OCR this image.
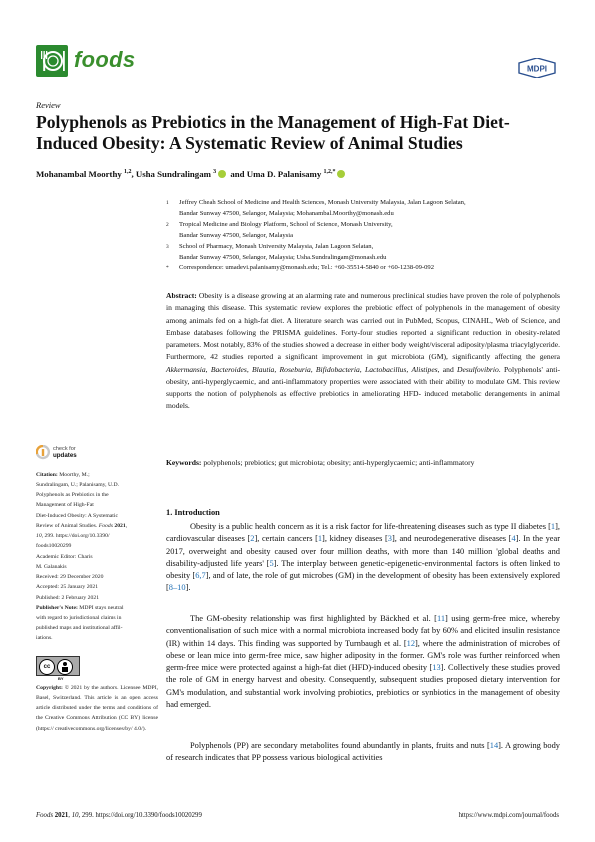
foods	MDPI
Review
Polyphenols as Prebiotics in the Management of High-Fat Diet-Induced Obesity: A Systematic Review of Animal Studies
Mohanambal Moorthy $^{1,2}$, Usha Sundralingam $^3$ and Uma D. Palanisamy $^{1,2,*}$
1 Jeffrey Cheah School of Medicine and Health Sciences, Monash University Malaysia, Jalan Lagoon Selatan,
Bandar Sunway 47500, Selangor, Malaysia; Mohanambal.Moorthy@monash.edu
2 Tropical Medicine and Biology Platform, School of Science, Monash University,
Bandar Sunway 47500, Selangor, Malaysia
3 School of Pharmacy, Monash University Malaysia, Jalan Lagoon Selatan,
Bandar Sunway 47500, Selangor, Malaysia; Usha.Sundralingam@monash.edu
* Correspondence: umadevi.palanisamy@monash.edu; Tel.: +60-35514-5840 or +60-1238-09-092
Abstract: Obesity is a disease growing at an alarming rate and numerous preclinical studies have proven the role of polyphenols in managing this disease. This systematic review explores the prebiotic effect of polyphenols in the management of obesity among animals fed on a high-fat diet. A literature search was carried out in PubMed, Scopus, CINAHL, Web of Science, and Embase databases following the PRISMA guidelines. Forty-four studies reported a significant reduction in obesity-related parameters. Most notably, 83% of the studies showed a decrease in either body weight/visceral adiposity/plasma triacylglyceride. Furthermore, 42 studies reported a significant improvement in gut microbiota (GM), significantly affecting the genera Akkermansia, Bacteroides, Blautia, Roseburia, Bifidobacteria, Lactobacillus, Alistipes, and Desulfovibrio. Polyphenols' anti-obesity, anti-hyperglycaemic, and anti-inflammatory properties were associated with their ability to modulate GM. This review supports the notion of polyphenols as effective prebiotics in ameliorating HFD- induced metabolic derangements in animal models.
Keywords: polyphenols; prebiotics; gut microbiota; obesity; anti-hyperglycaemic; anti-inflammatory
check for
updates
Citation: Moorthy, M.;
Sundralingam, U.; Palanisamy, U.D.
Polyphenols as Prebiotics in the
Management of High-Fat
Diet-Induced Obesity: A Systematic
Review of Animal Studies. Foods 2021,
10, 299. https://doi.org/10.3390/
foods10020299

Academic Editor: Charis
M. Galanakis
Received: 29 December 2020
Accepted: 25 January 2021
Published: 2 February 2021

Publisher's Note: MDPI stays neutral
with regard to jurisdictional claims in
published maps and institutional affil-
iations.

cc
BY
Copyright: © 2021 by the authors. Licensee MDPI, Basel, Switzerland. This article is an open access article distributed under the terms and conditions of the Creative Commons Attribution (CC BY) license (https:// creativecommons.org/licenses/by/ 4.0/).
1. Introduction
Obesity is a public health concern as it is a risk factor for life-threatening diseases such as type II diabetes [1], cardiovascular diseases [2], certain cancers [1], kidney diseases [3], and neurodegenerative diseases [4]. In the year 2017, overweight and obesity caused over four million deaths, with more than 140 million 'global deaths and disability-adjusted life years' [5]. The interplay between genetic-epigenetic-environmental factors is often linked to obesity [6,7], and of late, the role of gut microbes (GM) in the development of obesity has been extensively explored [8–10].
The GM-obesity relationship was first highlighted by Bäckhed et al. [11] using germ-free mice, whereby conventionalisation of such mice with a normal microbiota increased body fat by 60% and elicited insulin resistance (IR) within 14 days. This finding was supported by Turnbaugh et al. [12], where the administration of microbes of obese or lean mice into germ-free mice, saw higher adiposity in the former. GM's role was further reinforced when germ-free mice were protected against a high-fat diet (HFD)-induced obesity [13]. Collectively these studies proved the role of GM in energy harvest and obesity. Consequently, subsequent studies proposed dietary intervention for GM's modulation, and substantial work involving probiotics, prebiotics or synbiotics in the management of obesity had emerged.
Polyphenols (PP) are secondary metabolites found abundantly in plants, fruits and nuts [14]. A growing body of research indicates that PP possess various biological activities
Foods 2021, 10, 299. https://doi.org/10.3390/foods10020299	https://www.mdpi.com/journal/foods
